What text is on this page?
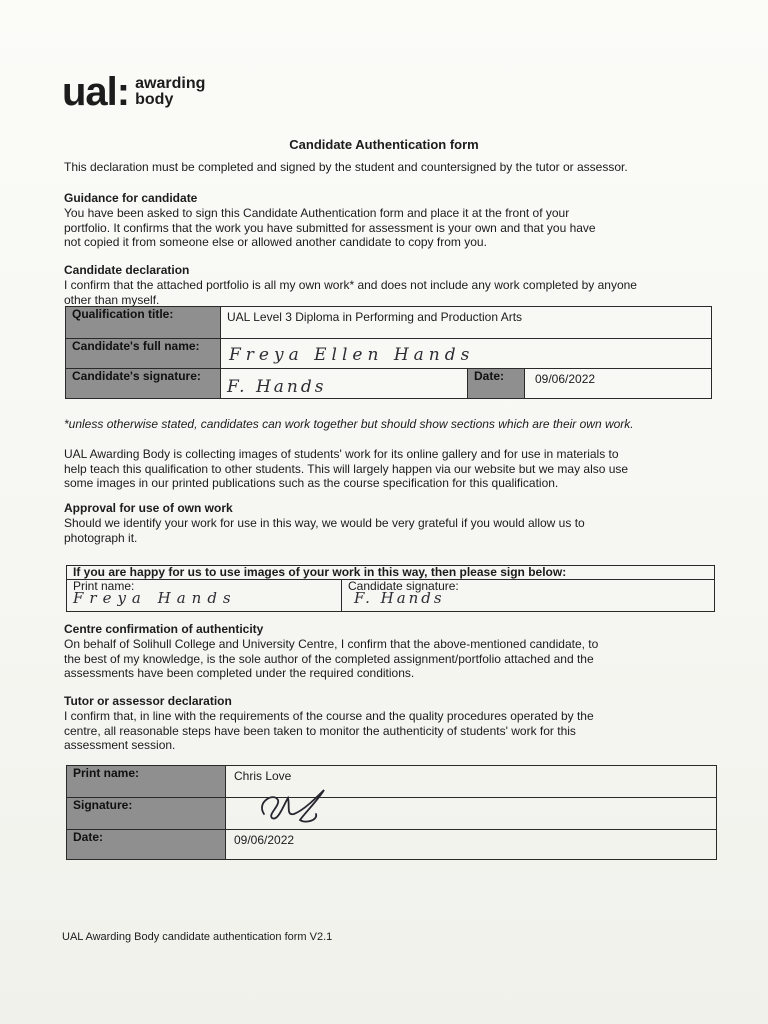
ual: awarding
body
Candidate Authentication form
This declaration must be completed and signed by the student and countersigned by the tutor or assessor.
Guidance for candidate
You have been asked to sign this Candidate Authentication form and place it at the front of your
portfolio. It confirms that the work you have submitted for assessment is your own and that you have
not copied it from someone else or allowed another candidate to copy from you.
Candidate declaration
I confirm that the attached portfolio is all my own work* and does not include any work completed by anyone
other than myself.
Qualification title:	UAL Level 3 Diploma in Performing and Production Arts		
Candidate's full name:	Freya Ellen Hands		
Candidate's signature:	F. Hands	Date:	09/06/2022
*unless otherwise stated, candidates can work together but should show sections which are their own work.
UAL Awarding Body is collecting images of students' work for its online gallery and for use in materials to
help teach this qualification to other students. This will largely happen via our website but we may also use
some images in our printed publications such as the course specification for this qualification.
Approval for use of own work
Should we identify your work for use in this way, we would be very grateful if you would allow us to
photograph it.
If you are happy for us to use images of your work in this way, then please sign below:

Print name:
Freya Hands

Candidate signature:
F. Hands
Centre confirmation of authenticity
On behalf of Solihull College and University Centre, I confirm that the above-mentioned candidate, to
the best of my knowledge, is the sole author of the completed assignment/portfolio attached and the
assessments have been completed under the required conditions.
Tutor or assessor declaration
I confirm that, in line with the requirements of the course and the quality procedures operated by the
centre, all reasonable steps have been taken to monitor the authenticity of students' work for this
assessment session.
Print name:	Chris Love
Signature:	
Date:	09/06/2022
UAL Awarding Body candidate authentication form V2.1
